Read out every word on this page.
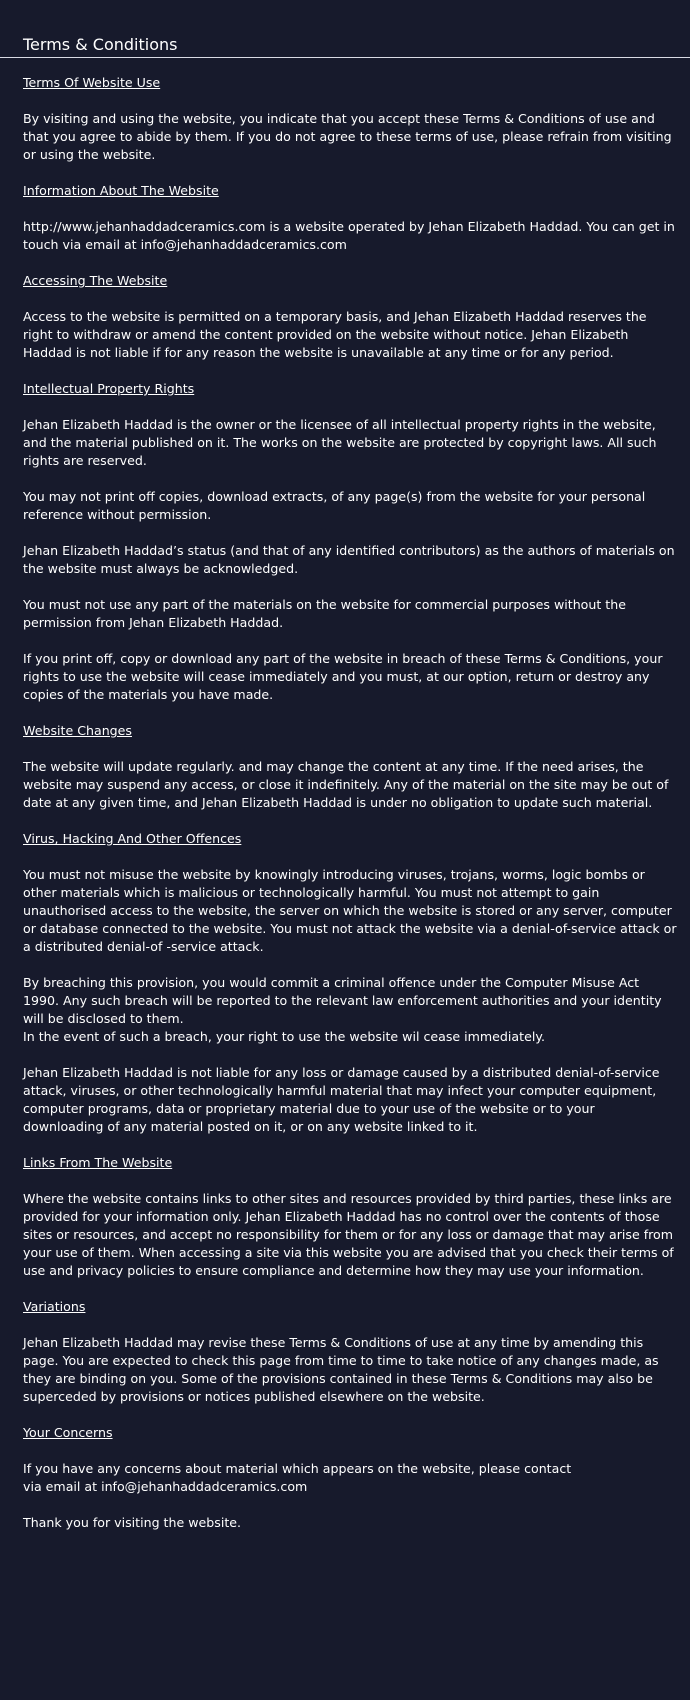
Terms & Conditions
Terms Of Website Use
By visiting and using the website, you indicate that you accept these Terms & Conditions of use and that you agree to abide by them. If you do not agree to these terms of use, please refrain from visiting or using the website.
Information About The Website
http://www.jehanhaddadceramics.com is a website operated by Jehan Elizabeth Haddad. You can get in touch via email at info@jehanhaddadceramics.com
Accessing The Website
Access to the website is permitted on a temporary basis, and Jehan Elizabeth Haddad reserves the right to withdraw or amend the content provided on the website without notice. Jehan Elizabeth Haddad is not liable if for any reason the website is unavailable at any time or for any period.
Intellectual Property Rights
Jehan Elizabeth Haddad is the owner or the licensee of all intellectual property rights in the website, and the material published on it. The works on the website are protected by copyright laws. All such rights are reserved.
You may not print off copies, download extracts, of any page(s) from the website for your personal reference without permission.
Jehan Elizabeth Haddad’s status (and that of any identified contributors) as the authors of materials on the website must always be acknowledged.
You must not use any part of the materials on the website for commercial purposes without the permission from Jehan Elizabeth Haddad.
If you print off, copy or download any part of the website in breach of these Terms & Conditions, your rights to use the website will cease immediately and you must, at our option, return or destroy any copies of the materials you have made.
Website Changes
The website will update regularly. and may change the content at any time. If the need arises, the website may suspend any access, or close it indefinitely. Any of the material on the site may be out of date at any given time, and Jehan Elizabeth Haddad is under no obligation to update such material.
Virus, Hacking And Other Offences
You must not misuse the website by knowingly introducing viruses, trojans, worms, logic bombs or other materials which is malicious or technologically harmful. You must not attempt to gain unauthorised access to the website, the server on which the website is stored or any server, computer or database connected to the website. You must not attack the website via a denial-of-service attack or a distributed denial-of -service attack.
By breaching this provision, you would commit a criminal offence under the Computer Misuse Act 1990. Any such breach will be reported to the relevant law enforcement authorities and your identity will be disclosed to them.
In the event of such a breach, your right to use the website wil cease immediately.
Jehan Elizabeth Haddad is not liable for any loss or damage caused by a distributed denial-of-service attack, viruses, or other technologically harmful material that may infect your computer equipment, computer programs, data or proprietary material due to your use of the website or to your downloading of any material posted on it, or on any website linked to it.
Links From The Website
Where the website contains links to other sites and resources provided by third parties, these links are provided for your information only. Jehan Elizabeth Haddad has no control over the contents of those sites or resources, and accept no responsibility for them or for any loss or damage that may arise from your use of them. When accessing a site via this website you are advised that you check their terms of use and privacy policies to ensure compliance and determine how they may use your information.
Variations
Jehan Elizabeth Haddad may revise these Terms & Conditions of use at any time by amending this page. You are expected to check this page from time to time to take notice of any changes made, as they are binding on you. Some of the provisions contained in these Terms & Conditions may also be superceded by provisions or notices published elsewhere on the website.
Your Concerns
If you have any concerns about material which appears on the website, please contact
via email at info@jehanhaddadceramics.com
Thank you for visiting the website.
